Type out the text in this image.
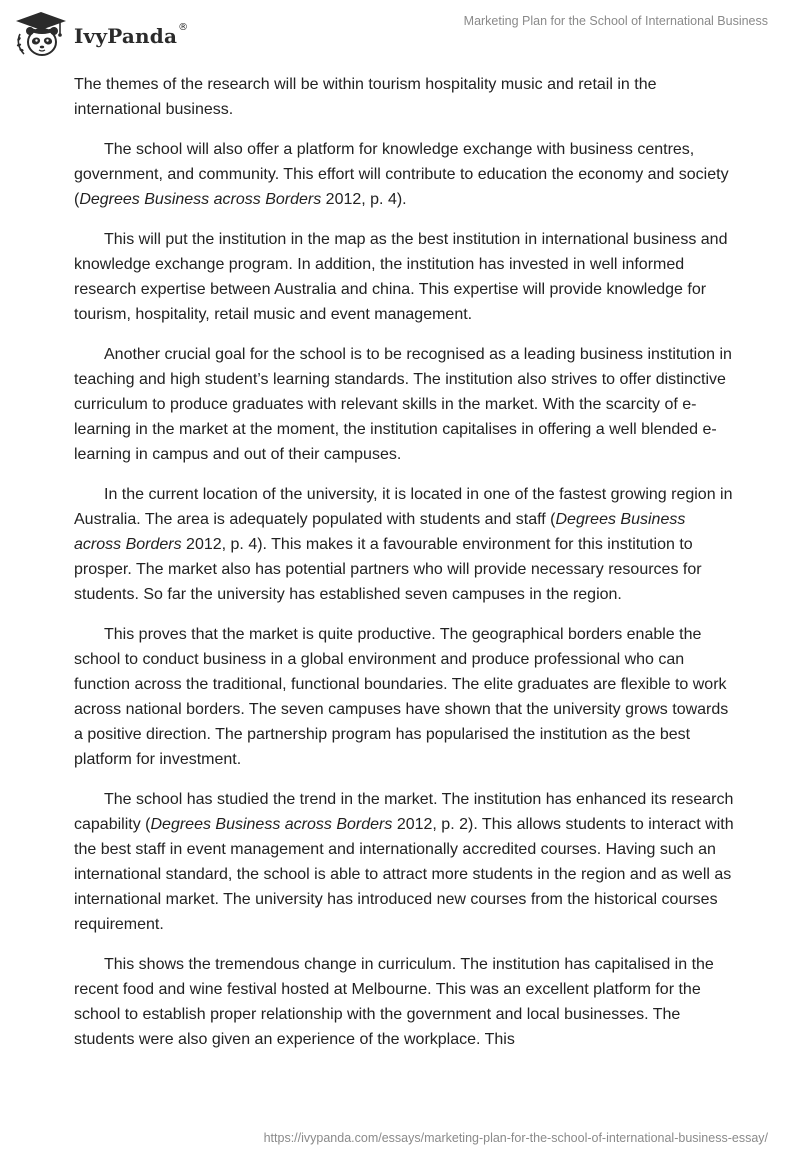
IvyPanda®	Marketing Plan for the School of International Business

The themes of the research will be within tourism hospitality music and retail in the international business.

The school will also offer a platform for knowledge exchange with business centres, government, and community. This effort will contribute to education the economy and society (Degrees Business across Borders 2012, p. 4).

This will put the institution in the map as the best institution in international business and knowledge exchange program. In addition, the institution has invested in well informed research expertise between Australia and china. This expertise will provide knowledge for tourism, hospitality, retail music and event management.

Another crucial goal for the school is to be recognised as a leading business institution in teaching and high student’s learning standards. The institution also strives to offer distinctive curriculum to produce graduates with relevant skills in the market. With the scarcity of e-learning in the market at the moment, the institution capitalises in offering a well blended e-learning in campus and out of their campuses.

In the current location of the university, it is located in one of the fastest growing region in Australia. The area is adequately populated with students and staff (Degrees Business across Borders 2012, p. 4). This makes it a favourable environment for this institution to prosper. The market also has potential partners who will provide necessary resources for students. So far the university has established seven campuses in the region.

This proves that the market is quite productive. The geographical borders enable the school to conduct business in a global environment and produce professional who can function across the traditional, functional boundaries. The elite graduates are flexible to work across national borders. The seven campuses have shown that the university grows towards a positive direction. The partnership program has popularised the institution as the best platform for investment.

The school has studied the trend in the market. The institution has enhanced its research capability (Degrees Business across Borders 2012, p. 2). This allows students to interact with the best staff in event management and internationally accredited courses. Having such an international standard, the school is able to attract more students in the region and as well as international market. The university has introduced new courses from the historical courses requirement.

This shows the tremendous change in curriculum. The institution has capitalised in the recent food and wine festival hosted at Melbourne. This was an excellent platform for the school to establish proper relationship with the government and local businesses. The students were also given an experience of the workplace. This

https://ivypanda.com/essays/marketing-plan-for-the-school-of-international-business-essay/
